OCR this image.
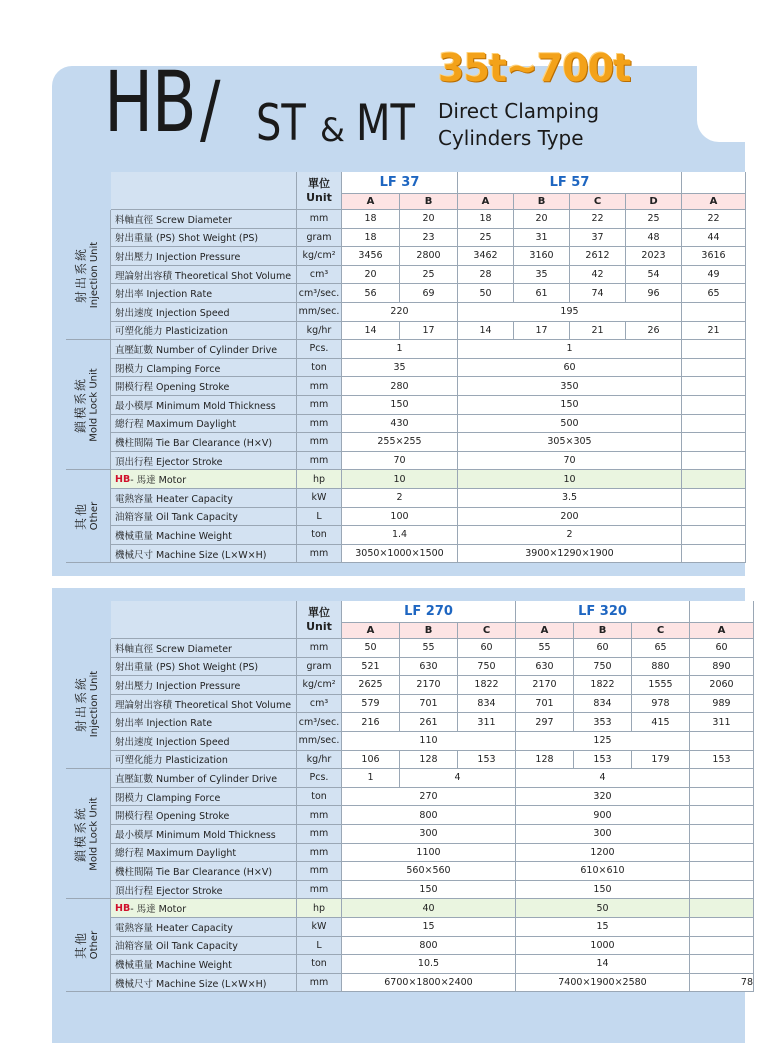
HB / ST & MT
35t~700t
Direct Clamping
Cylinders Type
單位
Unit
LF 37
A	B
LF 57
A	B	C	D	A
射出系統 Injection Unit
鎖模系統 Mold Lock Unit
其他 Other
料軸直徑 Screw Diameter	mm	18	20	18	20	22	25	22
射出重量 (PS) Shot Weight (PS)	gram	18	23	25	31	37	48	44
射出壓力 Injection Pressure	kg/cm²	3456	2800	3462	3160	2612	2023	3616
理論射出容積 Theoretical Shot Volume	cm³	20	25	28	35	42	54	49
射出率 Injection Rate	cm³/sec.	56	69	50	61	74	96	65
射出速度 Injection Speed	mm/sec.	220	195
可塑化能力 Plasticization	kg/hr	14	17	14	17	21	26	21
直壓缸數 Number of Cylinder Drive	Pcs.	1	1
閉模力 Clamping Force	ton	35	60
開模行程 Opening Stroke	mm	280	350
最小模厚 Minimum Mold Thickness	mm	150	150
總行程 Maximum Daylight	mm	430	500
機柱間隔 Tie Bar Clearance (H×V)	mm	255×255	305×305
頂出行程 Ejector Stroke	mm	70	70
HB - 馬達 Motor	hp	10	10
電熱容量 Heater Capacity	kW	2	3.5
油箱容量 Oil Tank Capacity	L	100	200
機械重量 Machine Weight	ton	1.4	2
機械尺寸 Machine Size (L×W×H)	mm	3050×1000×1500	3900×1290×1900
單位
Unit
LF 270
A	B	C
LF 320
A	B	C	A
射出系統 Injection Unit
鎖模系統 Mold Lock Unit
其他 Other
料軸直徑 Screw Diameter	mm	50	55	60	55	60	65	60
射出重量 (PS) Shot Weight (PS)	gram	521	630	750	630	750	880	890
射出壓力 Injection Pressure	kg/cm²	2625	2170	1822	2170	1822	1555	2060
理論射出容積 Theoretical Shot Volume	cm³	579	701	834	701	834	978	989
射出率 Injection Rate	cm³/sec.	216	261	311	297	353	415	311
射出速度 Injection Speed	mm/sec.	110	125
可塑化能力 Plasticization	kg/hr	106	128	153	128	153	179	153
直壓缸數 Number of Cylinder Drive	Pcs.	1	4	4
閉模力 Clamping Force	ton	270	320
開模行程 Opening Stroke	mm	800	900
最小模厚 Minimum Mold Thickness	mm	300	300
總行程 Maximum Daylight	mm	1100	1200
機柱間隔 Tie Bar Clearance (H×V)	mm	560×560	610×610
頂出行程 Ejector Stroke	mm	150	150
HB - 馬達 Motor	hp	40	50
電熱容量 Heater Capacity	kW	15	15
油箱容量 Oil Tank Capacity	L	800	1000
機械重量 Machine Weight	ton	10.5	14
機械尺寸 Machine Size (L×W×H)	mm	6700×1800×2400	7400×1900×2580	78
